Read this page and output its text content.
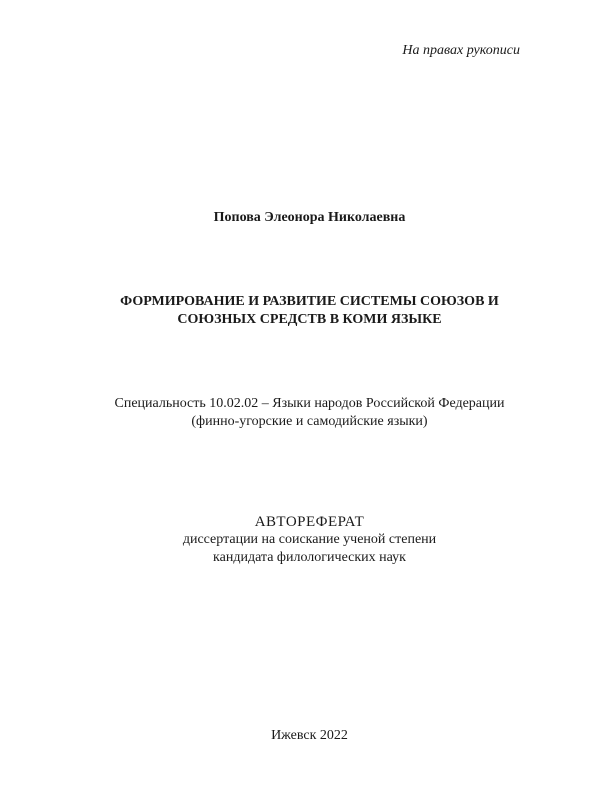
На правах рукописи
Попова Элеонора Николаевна
ФОРМИРОВАНИЕ И РАЗВИТИЕ СИСТЕМЫ СОЮЗОВ И
СОЮЗНЫХ СРЕДСТВ В КОМИ ЯЗЫКЕ
Специальность 10.02.02 – Языки народов Российской Федерации
(финно-угорские и самодийские языки)
АВТОРЕФЕРАТ
диссертации на соискание ученой степени
кандидата филологических наук
Ижевск 2022
